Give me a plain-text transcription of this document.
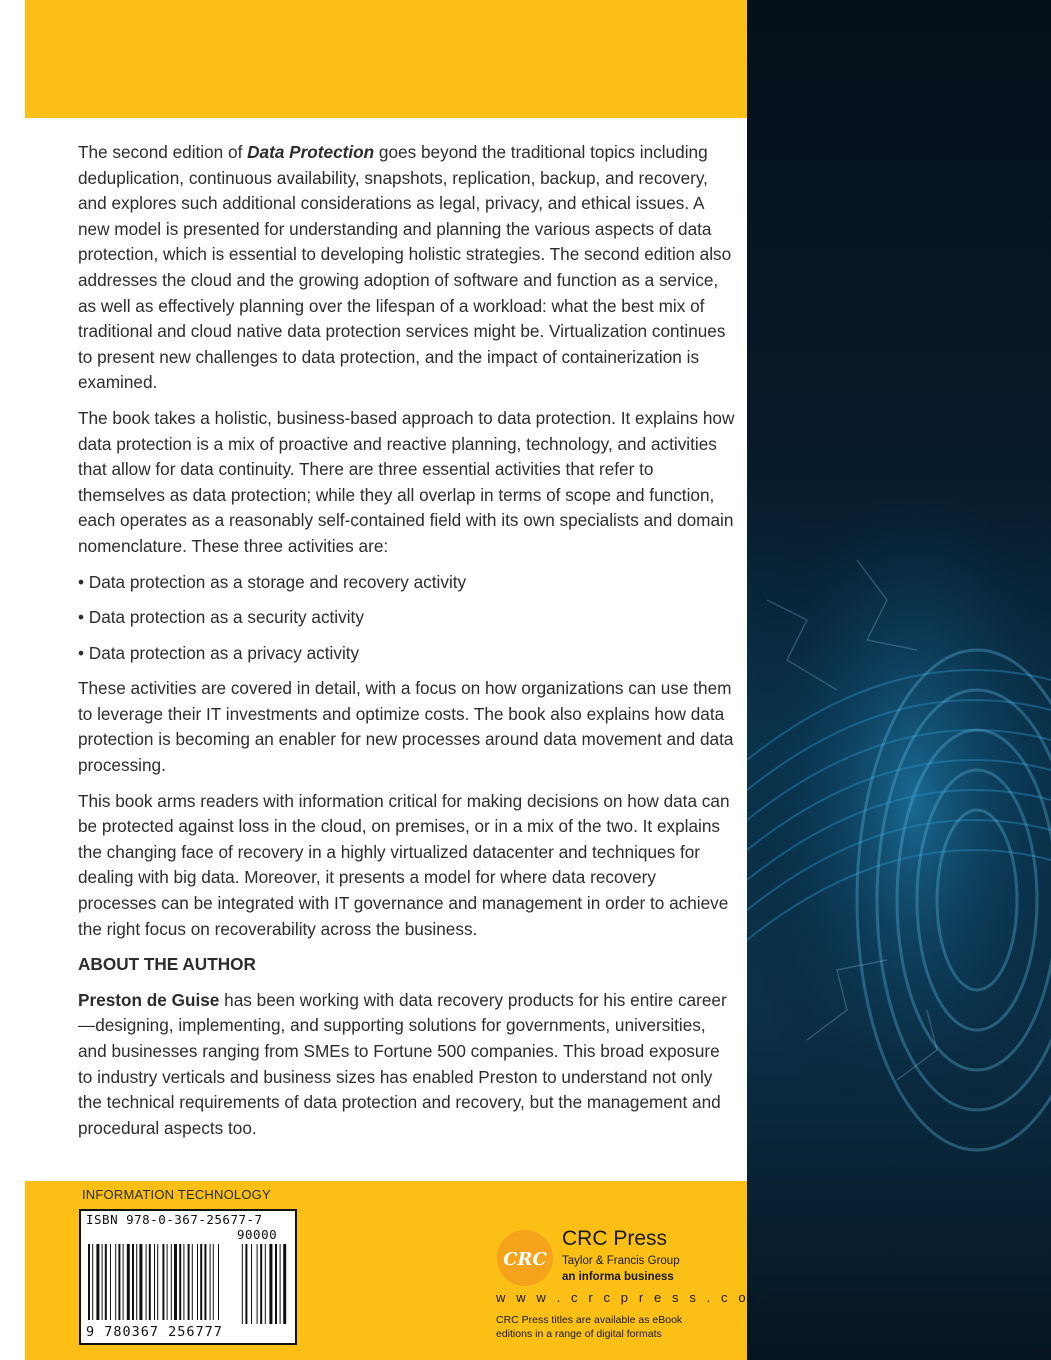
The second edition of Data Protection goes beyond the traditional topics including deduplication, continuous availability, snapshots, replication, backup, and recovery, and explores such additional considerations as legal, privacy, and ethical issues. A new model is presented for understanding and planning the various aspects of data protection, which is essential to developing holistic strategies. The second edition also addresses the cloud and the growing adoption of software and function as a service, as well as effectively planning over the lifespan of a workload: what the best mix of traditional and cloud native data protection services might be. Virtualization continues to present new challenges to data protection, and the impact of containerization is examined.

The book takes a holistic, business-based approach to data protection. It explains how data protection is a mix of proactive and reactive planning, technology, and activities that allow for data continuity. There are three essential activities that refer to themselves as data protection; while they all overlap in terms of scope and function, each operates as a reasonably self-contained field with its own specialists and domain nomenclature. These three activities are:

• Data protection as a storage and recovery activity

• Data protection as a security activity

• Data protection as a privacy activity

These activities are covered in detail, with a focus on how organizations can use them to leverage their IT investments and optimize costs. The book also explains how data protection is becoming an enabler for new processes around data movement and data processing.

This book arms readers with information critical for making decisions on how data can be protected against loss in the cloud, on premises, or in a mix of the two. It explains the changing face of recovery in a highly virtualized datacenter and techniques for dealing with big data. Moreover, it presents a model for where data recovery processes can be integrated with IT governance and management in order to achieve the right focus on recoverability across the business.

ABOUT THE AUTHOR

Preston de Guise has been working with data recovery products for his entire career—designing, implementing, and supporting solutions for governments, universities, and businesses ranging from SMEs to Fortune 500 companies. This broad exposure to industry verticals and business sizes has enabled Preston to understand not only the technical requirements of data protection and recovery, but the management and procedural aspects too.

INFORMATION TECHNOLOGY
ISBN 978-0-367-25677-7
90000
9 780367 256777
CRC
CRC Press
Taylor & Francis Group
an informa business
w w w . c r c p r e s s . c o m
CRC Press titles are available as eBook editions in a range of digital formats
